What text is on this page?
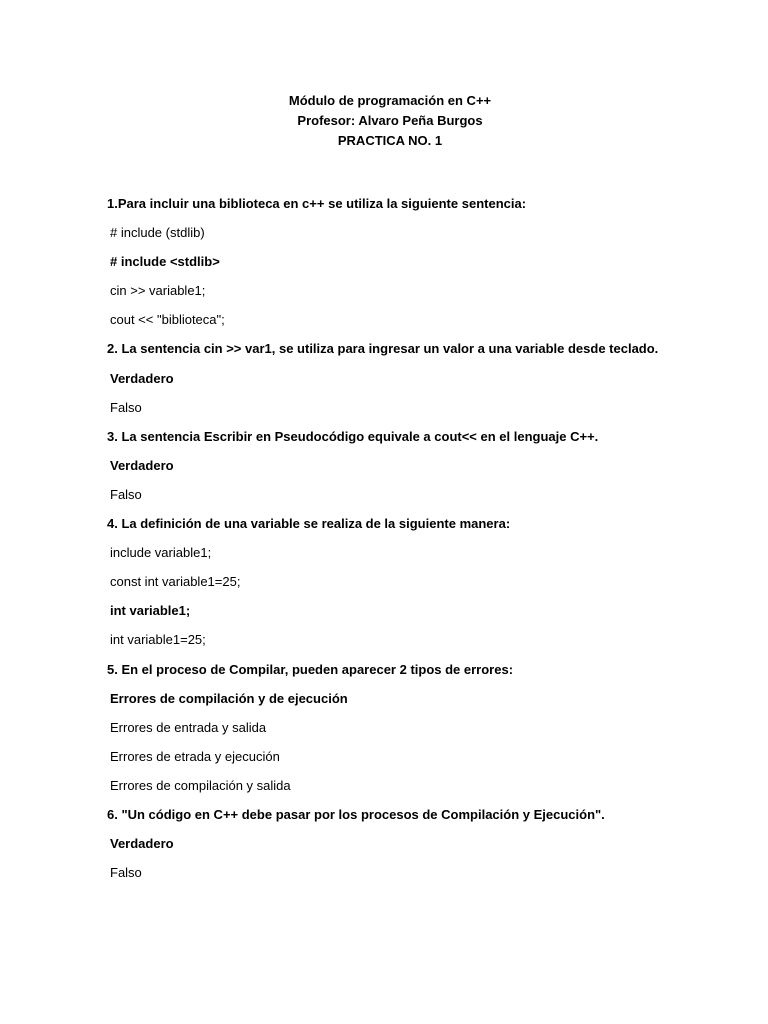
Módulo de programación en C++
Profesor: Alvaro Peña Burgos
PRACTICA NO. 1
1.Para incluir una biblioteca en c++ se utiliza la siguiente sentencia:
# include (stdlib)
# include <stdlib>
cin >> variable1;
cout << "biblioteca";
2. La sentencia cin >> var1, se utiliza para ingresar un valor a una variable desde teclado.
Verdadero
Falso
3. La sentencia Escribir en Pseudocódigo equivale a cout<< en el lenguaje C++.
Verdadero
Falso
4. La definición de una variable se realiza de la siguiente manera:
include variable1;
const int variable1=25;
int variable1;
int variable1=25;
5. En el proceso de Compilar, pueden aparecer 2 tipos de errores:
Errores de compilación y de ejecución
Errores de entrada y salida
Errores de etrada y ejecución
Errores de compilación y salida
6. "Un código en C++ debe pasar por los procesos de Compilación y Ejecución".
Verdadero
Falso
